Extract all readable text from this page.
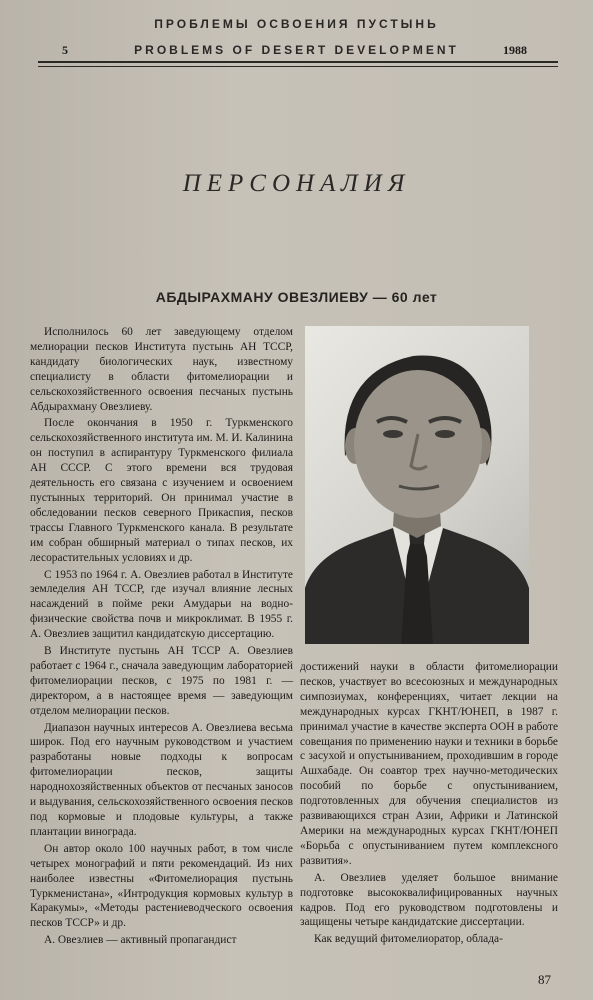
ПРОБЛЕМЫ ОСВОЕНИЯ ПУСТЫНЬ
5	PROBLEMS OF DESERT DEVELOPMENT	1988
ПЕРСОНАЛИЯ
АБДЫРАХМАНУ ОВЕЗЛИЕВУ — 60 лет

Исполнилось 60 лет заведующему отделом мелиорации песков Института пустынь АН ТССР, кандидату биологических наук, известному специалисту в области фитомелиорации и сельскохозяйственного освоения песчаных пустынь Абдырахману Овезлиеву.

После окончания в 1950 г. Туркменского сельскохозяйственного института им. М. И. Калинина он поступил в аспирантуру Туркменского филиала АН СССР. С этого времени вся трудовая деятельность его связана с изучением и освоением пустынных территорий. Он принимал участие в обследовании песков северного Прикаспия, песков трассы Главного Туркменского канала. В результате им собран обширный материал о типах песков, их лесорастительных условиях и др.

С 1953 по 1964 г. А. Овезлиев работал в Институте земледелия АН ТССР, где изучал влияние лесных насаждений в пойме реки Амударьи на водно-физические свойства почв и микроклимат. В 1955 г. А. Овезлиев защитил кандидатскую диссертацию.

В Институте пустынь АН ТССР А. Овезлиев работает с 1964 г., сначала заведующим лабораторией фитомелиорации песков, с 1975 по 1981 г. — директором, а в настоящее время — заведующим отделом мелиорации песков.

Диапазон научных интересов А. Овезлиева весьма широк. Под его научным руководством и участием разработаны новые подходы к вопросам фитомелиорации песков, защиты народнохозяйственных объектов от песчаных заносов и выдувания, сельскохозяйственного освоения песков под кормовые и плодовые культуры, а также плантации винограда.

Он автор около 100 научных работ, в том числе четырех монографий и пяти рекомендаций. Из них наиболее известны «Фитомелиорация пустынь Туркменистана», «Интродукция кормовых культур в Каракумы», «Методы растениеводческого освоения песков ТССР» и др.

А. Овезлиев — активный пропагандист

достижений науки в области фитомелиорации песков, участвует во всесоюзных и международных симпозиумах, конференциях, читает лекции на международных курсах ГКНТ/ЮНЕП, в 1987 г. принимал участие в качестве эксперта ООН в работе совещания по применению науки и техники в борьбе с засухой и опустыниванием, проходившим в городе Ашхабаде. Он соавтор трех научно-методических пособий по борьбе с опустыниванием, подготовленных для обучения специалистов из развивающихся стран Азии, Африки и Латинской Америки на международных курсах ГКНТ/ЮНЕП «Борьба с опустыниванием путем комплексного развития».

А. Овезлиев уделяет большое внимание подготовке высококвалифицированных научных кадров. Под его руководством подготовлены и защищены четыре кандидатские диссертации.

Как ведущий фитомелиоратор, облада-

87
